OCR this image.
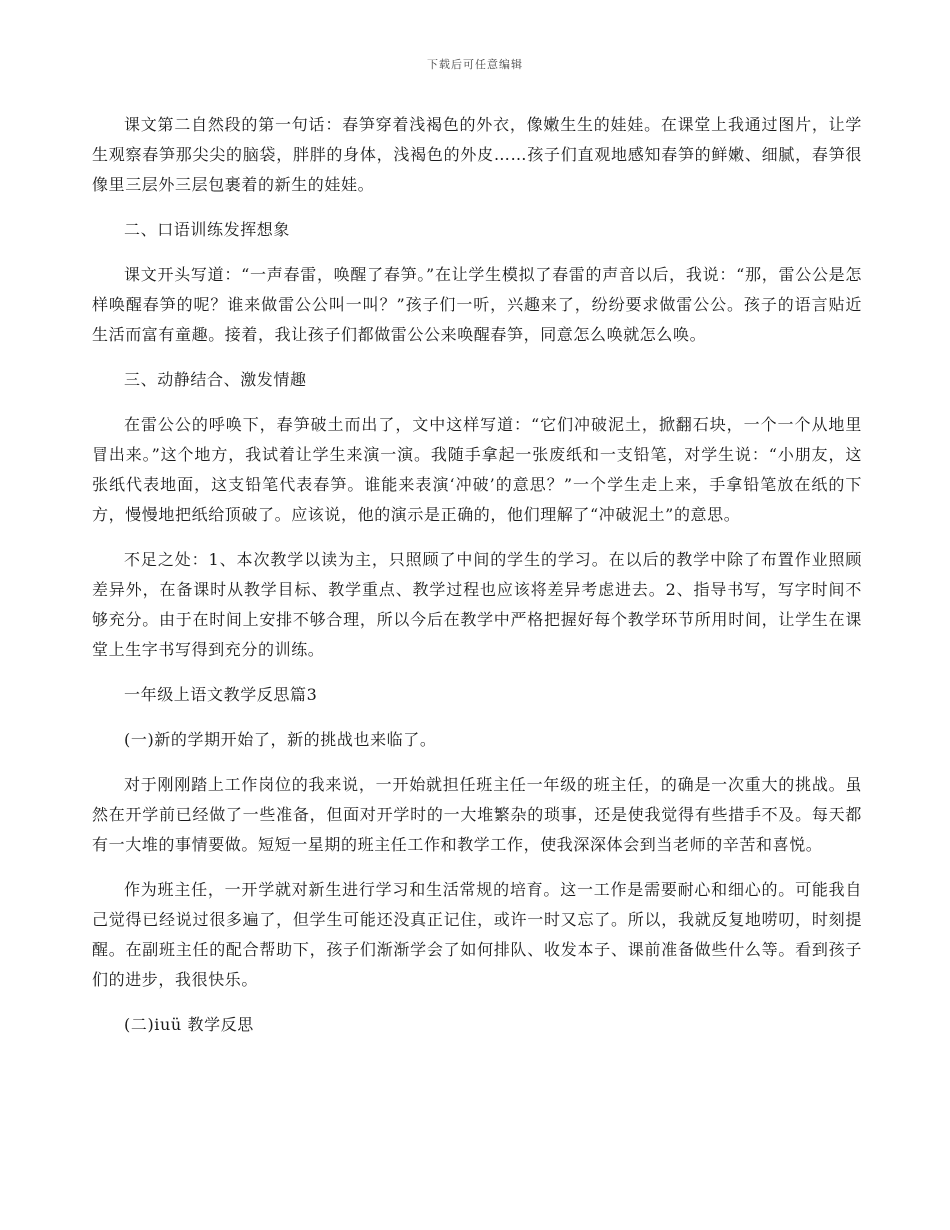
下载后可任意编辑

课文第二自然段的第一句话：春笋穿着浅褐色的外衣，像嫩生生的娃娃。在课堂上我通过图片，让学生观察春笋那尖尖的脑袋，胖胖的身体，浅褐色的外皮……孩子们直观地感知春笋的鲜嫩、细腻，春笋很像里三层外三层包裹着的新生的娃娃。

二、口语训练发挥想象

课文开头写道：“一声春雷，唤醒了春笋。”在让学生模拟了春雷的声音以后，我说：“那，雷公公是怎样唤醒春笋的呢？谁来做雷公公叫一叫？”孩子们一听，兴趣来了，纷纷要求做雷公公。孩子的语言贴近生活而富有童趣。接着，我让孩子们都做雷公公来唤醒春笋，同意怎么唤就怎么唤。

三、动静结合、激发情趣

在雷公公的呼唤下，春笋破土而出了，文中这样写道：“它们冲破泥土，掀翻石块，一个一个从地里冒出来。”这个地方，我试着让学生来演一演。我随手拿起一张废纸和一支铅笔，对学生说：“小朋友，这张纸代表地面，这支铅笔代表春笋。谁能来表演‘冲破’的意思？”一个学生走上来，手拿铅笔放在纸的下方，慢慢地把纸给顶破了。应该说，他的演示是正确的，他们理解了“冲破泥土”的意思。

不足之处：1、本次教学以读为主，只照顾了中间的学生的学习。在以后的教学中除了布置作业照顾差异外，在备课时从教学目标、教学重点、教学过程也应该将差异考虑进去。2、指导书写，写字时间不够充分。由于在时间上安排不够合理，所以今后在教学中严格把握好每个教学环节所用时间，让学生在课堂上生字书写得到充分的训练。

一年级上语文教学反思篇3

(一)新的学期开始了，新的挑战也来临了。

对于刚刚踏上工作岗位的我来说，一开始就担任班主任一年级的班主任，的确是一次重大的挑战。虽然在开学前已经做了一些准备，但面对开学时的一大堆繁杂的琐事，还是使我觉得有些措手不及。每天都有一大堆的事情要做。短短一星期的班主任工作和教学工作，使我深深体会到当老师的辛苦和喜悦。

作为班主任，一开学就对新生进行学习和生活常规的培育。这一工作是需要耐心和细心的。可能我自己觉得已经说过很多遍了，但学生可能还没真正记住，或许一时又忘了。所以，我就反复地唠叨，时刻提醒。在副班主任的配合帮助下，孩子们渐渐学会了如何排队、收发本子、课前准备做些什么等。看到孩子们的进步，我很快乐。

(二)iuü 教学反思
